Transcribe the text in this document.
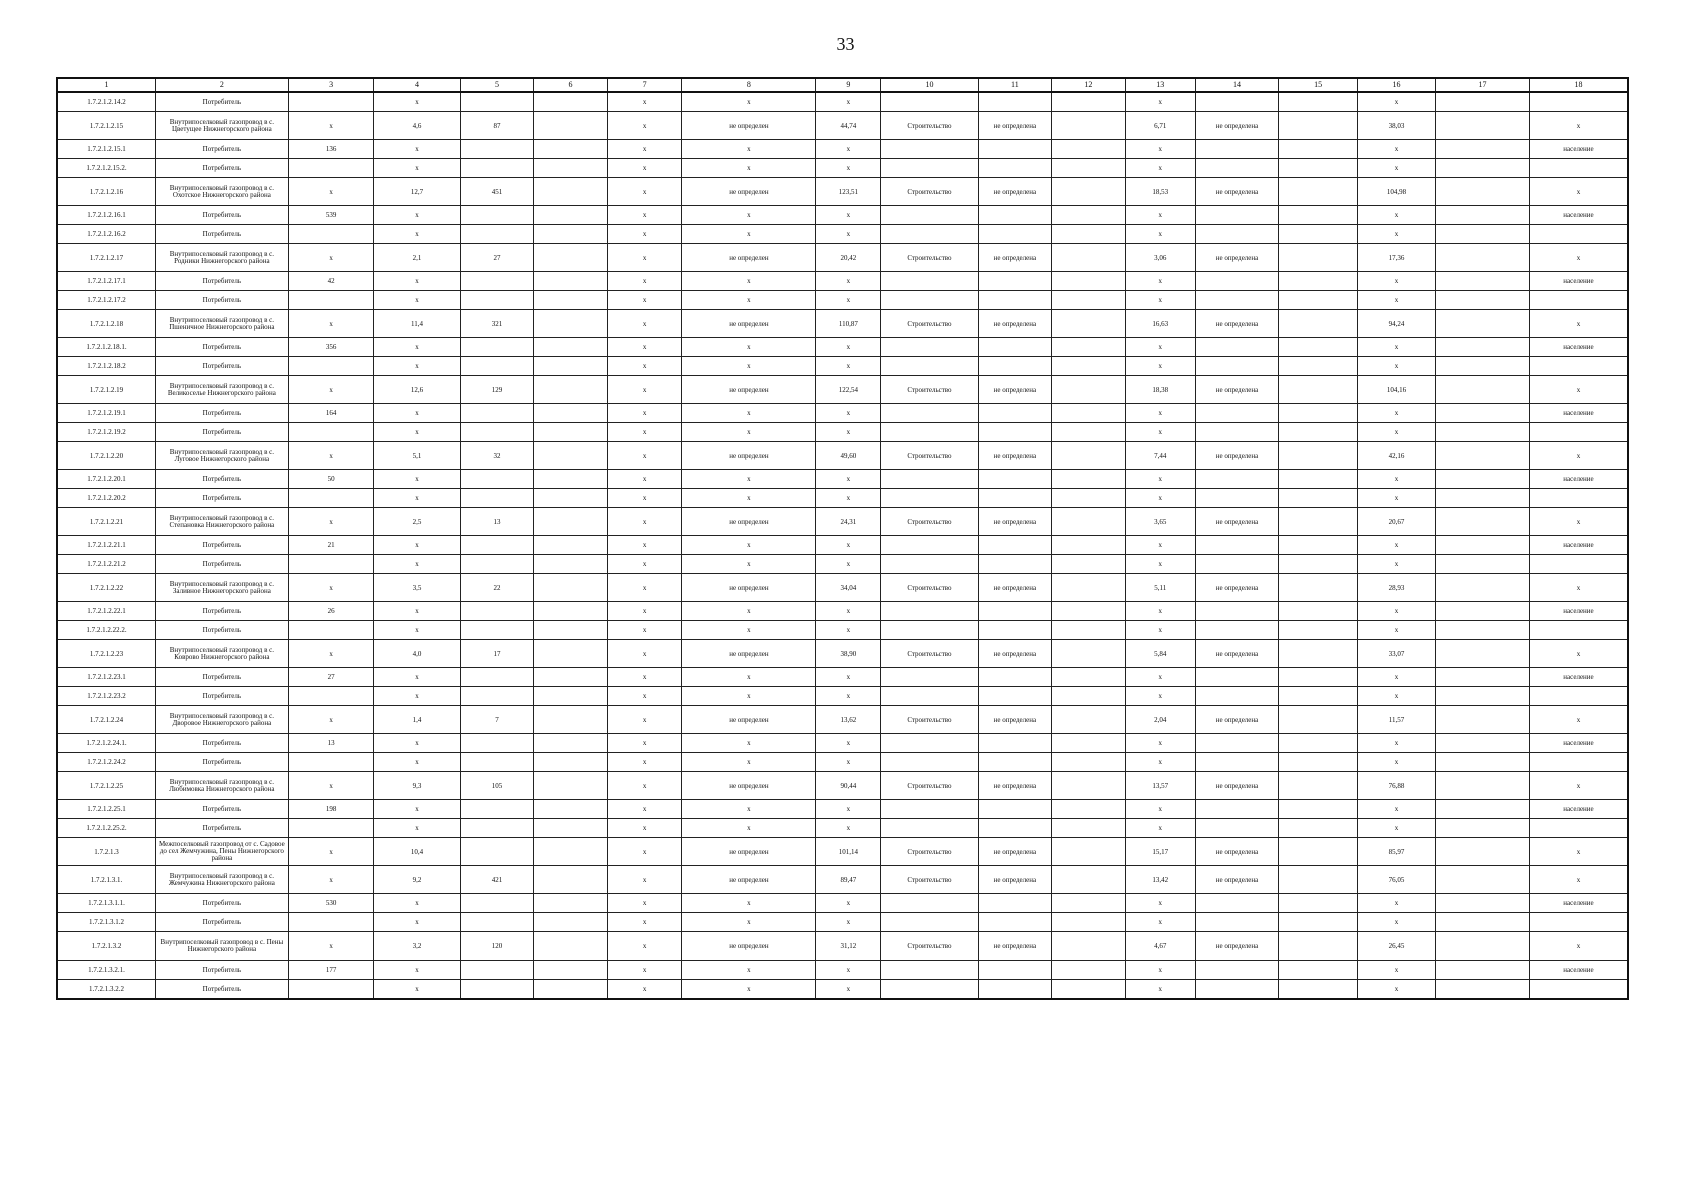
33
1	2	3	4	5	6	7	8	9	10	11	12	13	14	15	16	17	18
1.7.2.1.2.14.2	Потребитель		x			x	x	x				x			x		
1.7.2.1.2.15	Внутрипоселковый газопровод в с. Цветущее Нижнегорского района	x	4,6	87		x	не определен	44,74	Строительство	не определена		6,71	не определена		38,03		x
1.7.2.1.2.15.1	Потребитель	136	x			x	x	x				x			x		население
1.7.2.1.2.15.2.	Потребитель		x			x	x	x				x			x		
1.7.2.1.2.16	Внутрипоселковый газопровод в с. Охотское Нижнегорского района	x	12,7	451		x	не определен	123,51	Строительство	не определена		18,53	не определена		104,98		x
1.7.2.1.2.16.1	Потребитель	539	x			x	x	x				x			x		население
1.7.2.1.2.16.2	Потребитель		x			x	x	x				x			x		
1.7.2.1.2.17	Внутрипоселковый газопровод в с. Родники Нижнегорского района	x	2,1	27		x	не определен	20,42	Строительство	не определена		3,06	не определена		17,36		x
1.7.2.1.2.17.1	Потребитель	42	x			x	x	x				x			x		население
1.7.2.1.2.17.2	Потребитель		x			x	x	x				x			x		
1.7.2.1.2.18	Внутрипоселковый газопровод в с. Пшеничное Нижнегорского района	x	11,4	321		x	не определен	110,87	Строительство	не определена		16,63	не определена		94,24		x
1.7.2.1.2.18.1.	Потребитель	356	x			x	x	x				x			x		население
1.7.2.1.2.18.2	Потребитель		x			x	x	x				x			x		
1.7.2.1.2.19	Внутрипоселковый газопровод в с. Великоселье Нижнегорского района	x	12,6	129		x	не определен	122,54	Строительство	не определена		18,38	не определена		104,16		x
1.7.2.1.2.19.1	Потребитель	164	x			x	x	x				x			x		население
1.7.2.1.2.19.2	Потребитель		x			x	x	x				x			x		
1.7.2.1.2.20	Внутрипоселковый газопровод в с. Луговое Нижнегорского района	x	5,1	32		x	не определен	49,60	Строительство	не определена		7,44	не определена		42,16		x
1.7.2.1.2.20.1	Потребитель	50	x			x	x	x				x			x		население
1.7.2.1.2.20.2	Потребитель		x			x	x	x				x			x		
1.7.2.1.2.21	Внутрипоселковый газопровод в с. Степановка Нижнегорского района	x	2,5	13		x	не определен	24,31	Строительство	не определена		3,65	не определена		20,67		x
1.7.2.1.2.21.1	Потребитель	21	x			x	x	x				x			x		население
1.7.2.1.2.21.2	Потребитель		x			x	x	x				x			x		
1.7.2.1.2.22	Внутрипоселковый газопровод в с. Заливное Нижнегорского района	x	3,5	22		x	не определен	34,04	Строительство	не определена		5,11	не определена		28,93		x
1.7.2.1.2.22.1	Потребитель	26	x			x	x	x				x			x		население
1.7.2.1.2.22.2.	Потребитель		x			x	x	x				x			x		
1.7.2.1.2.23	Внутрипоселковый газопровод в с. Коврово Нижнегорского района	x	4,0	17		x	не определен	38,90	Строительство	не определена		5,84	не определена		33,07		x
1.7.2.1.2.23.1	Потребитель	27	x			x	x	x				x			x		население
1.7.2.1.2.23.2	Потребитель		x			x	x	x				x			x		
1.7.2.1.2.24	Внутрипоселковый газопровод в с. Дворовое Нижнегорского района	x	1,4	7		x	не определен	13,62	Строительство	не определена		2,04	не определена		11,57		x
1.7.2.1.2.24.1.	Потребитель	13	x			x	x	x				x			x		население
1.7.2.1.2.24.2	Потребитель		x			x	x	x				x			x		
1.7.2.1.2.25	Внутрипоселковый газопровод в с. Любимовка Нижнегорского района	x	9,3	105		x	не определен	90,44	Строительство	не определена		13,57	не определена		76,88		x
1.7.2.1.2.25.1	Потребитель	198	x			x	x	x				x			x		население
1.7.2.1.2.25.2.	Потребитель		x			x	x	x				x			x		
1.7.2.1.3	Межпоселковый газопровод от с. Садовое до сел Жемчужина, Пены Нижнегорского района	x	10,4			x	не определен	101,14	Строительство	не определена		15,17	не определена		85,97		x
1.7.2.1.3.1.	Внутрипоселковый газопровод в с. Жемчужина Нижнегорского района	x	9,2	421		x	не определен	89,47	Строительство	не определена		13,42	не определена		76,05		x
1.7.2.1.3.1.1.	Потребитель	530	x			x	x	x				x			x		население
1.7.2.1.3.1.2	Потребитель		x			x	x	x				x			x		
1.7.2.1.3.2	Внутрипоселковый газопровод в с. Пены Нижнегорского района	x	3,2	120		x	не определен	31,12	Строительство	не определена		4,67	не определена		26,45		x
1.7.2.1.3.2.1.	Потребитель	177	x			x	x	x				x			x		население
1.7.2.1.3.2.2	Потребитель		x			x	x	x				x			x		
